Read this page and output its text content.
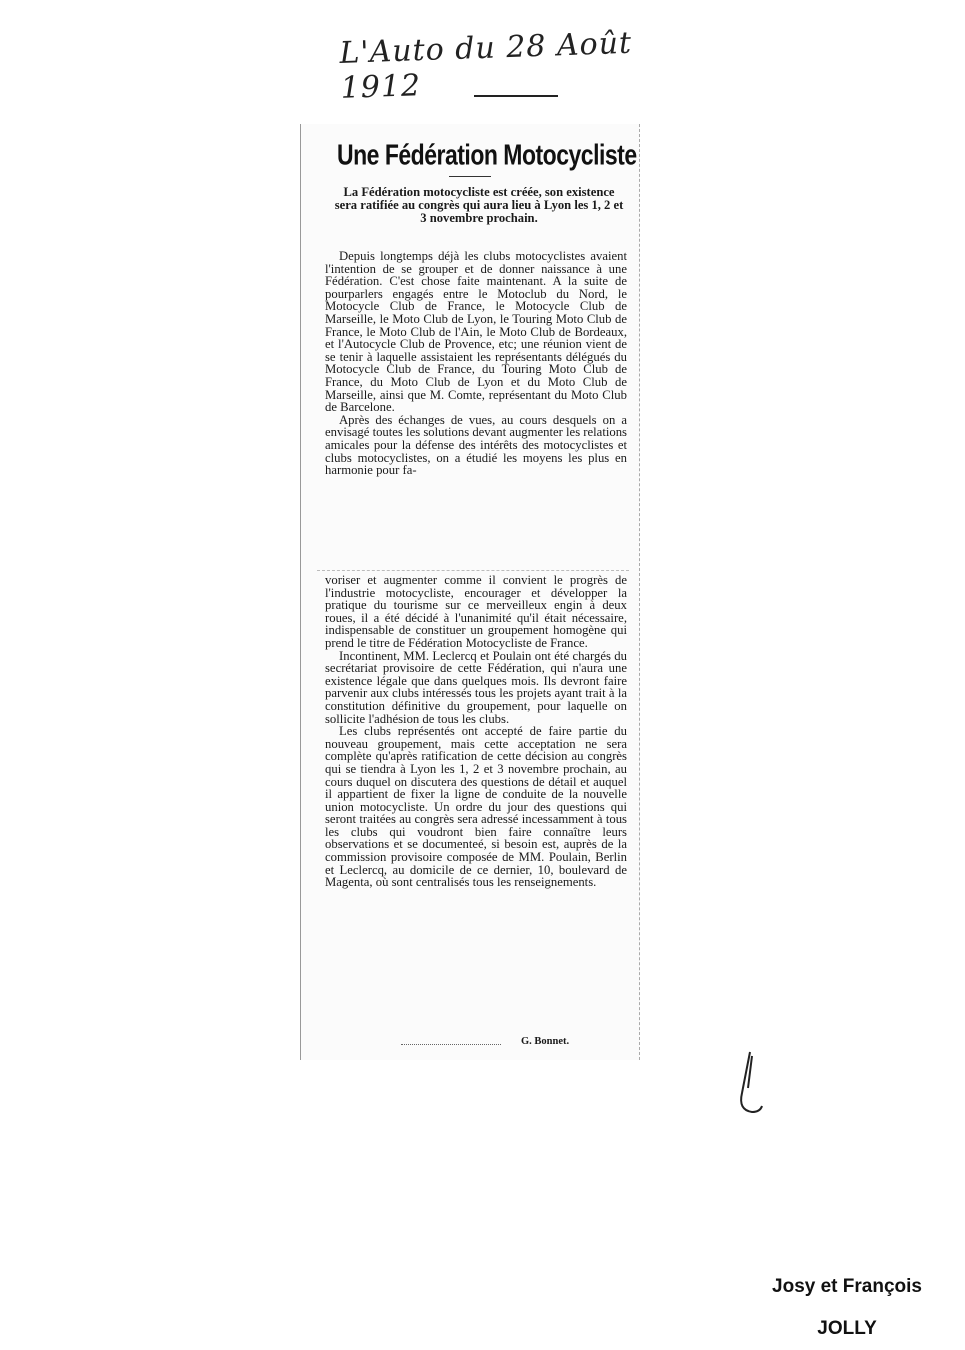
L'Auto du 28 Août 1912
Une Fédération Motocycliste
La Fédération motocycliste est créée, son existence sera ratifiée au congrès qui aura lieu à Lyon les 1, 2 et 3 novembre prochain.

Depuis longtemps déjà les clubs motocyclistes avaient l'intention de se grouper et de donner naissance à une Fédération. C'est chose faite maintenant. A la suite de pourparlers engagés entre le Motoclub du Nord, le Motocycle Club de France, le Motocycle Club de Marseille, le Moto Club de Lyon, le Touring Moto Club de France, le Moto Club de l'Ain, le Moto Club de Bordeaux, et l'Autocycle Club de Provence, etc; une réunion vient de se tenir à laquelle assistaient les représentants délégués du Motocycle Club de France, du Touring Moto Club de France, du Moto Club de Lyon et du Moto Club de Marseille, ainsi que M. Comte, représentant du Moto Club de Barcelone.

Après des échanges de vues, au cours desquels on a envisagé toutes les solutions devant augmenter les relations amicales pour la défense des intérêts des motocyclistes et clubs motocyclistes, on a étudié les moyens les plus en harmonie pour fa-

voriser et augmenter comme il convient le progrès de l'industrie motocycliste, encourager et développer la pratique du tourisme sur ce merveilleux engin à deux roues, il a été décidé à l'unanimité qu'il était nécessaire, indispensable de constituer un groupement homogène qui prend le titre de Fédération Motocycliste de France.

Incontinent, MM. Leclercq et Poulain ont été chargés du secrétariat provisoire de cette Fédération, qui n'aura une existence légale que dans quelques mois. Ils devront faire parvenir aux clubs intéressés tous les projets ayant trait à la constitution définitive du groupement, pour laquelle on sollicite l'adhésion de tous les clubs.

Les clubs représentés ont accepté de faire partie du nouveau groupement, mais cette acceptation ne sera complète qu'après ratification de cette décision au congrès qui se tiendra à Lyon les 1, 2 et 3 novembre prochain, au cours duquel on discutera des questions de détail et auquel il appartient de fixer la ligne de conduite de la nouvelle union motocycliste. Un ordre du jour des questions qui seront traitées au congrès sera adressé incessamment à tous les clubs qui voudront bien faire connaître leurs observations et se documenteé, si besoin est, auprès de la commission provisoire composée de MM. Poulain, Berlin et Leclercq, au domicile de ce dernier, 10, boulevard de Magenta, où sont centralisés tous les renseignements.

G. Bonnet.
Josy et François
JOLLY
